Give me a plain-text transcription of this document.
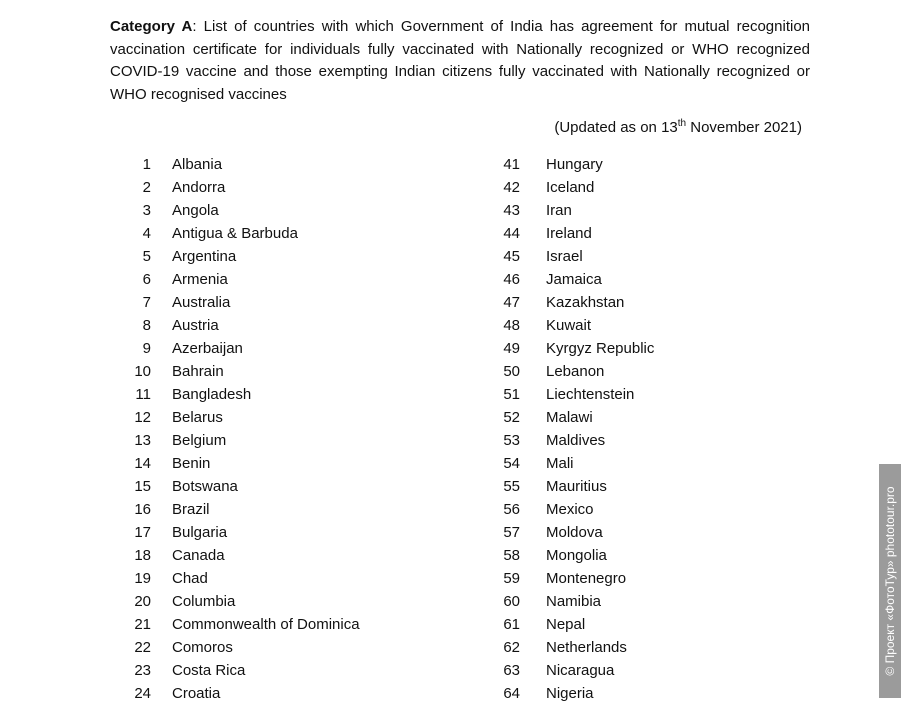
Category A: List of countries with which Government of India has agreement for mutual recognition vaccination certificate for individuals fully vaccinated with Nationally recognized or WHO recognized COVID-19 vaccine and those exempting Indian citizens fully vaccinated with Nationally recognized or WHO recognised vaccines

(Updated as on 13th November 2021)
1 Albania
2 Andorra
3 Angola
4 Antigua & Barbuda
5 Argentina
6 Armenia
7 Australia
8 Austria
9 Azerbaijan
10 Bahrain
11 Bangladesh
12 Belarus
13 Belgium
14 Benin
15 Botswana
16 Brazil
17 Bulgaria
18 Canada
19 Chad
20 Columbia
21 Commonwealth of Dominica
22 Comoros
23 Costa Rica
24 Croatia
41 Hungary
42 Iceland
43 Iran
44 Ireland
45 Israel
46 Jamaica
47 Kazakhstan
48 Kuwait
49 Kyrgyz Republic
50 Lebanon
51 Liechtenstein
52 Malawi
53 Maldives
54 Mali
55 Mauritius
56 Mexico
57 Moldova
58 Mongolia
59 Montenegro
60 Namibia
61 Nepal
62 Netherlands
63 Nicaragua
64 Nigeria
© Проект «ФотоТур» phototour.pro
